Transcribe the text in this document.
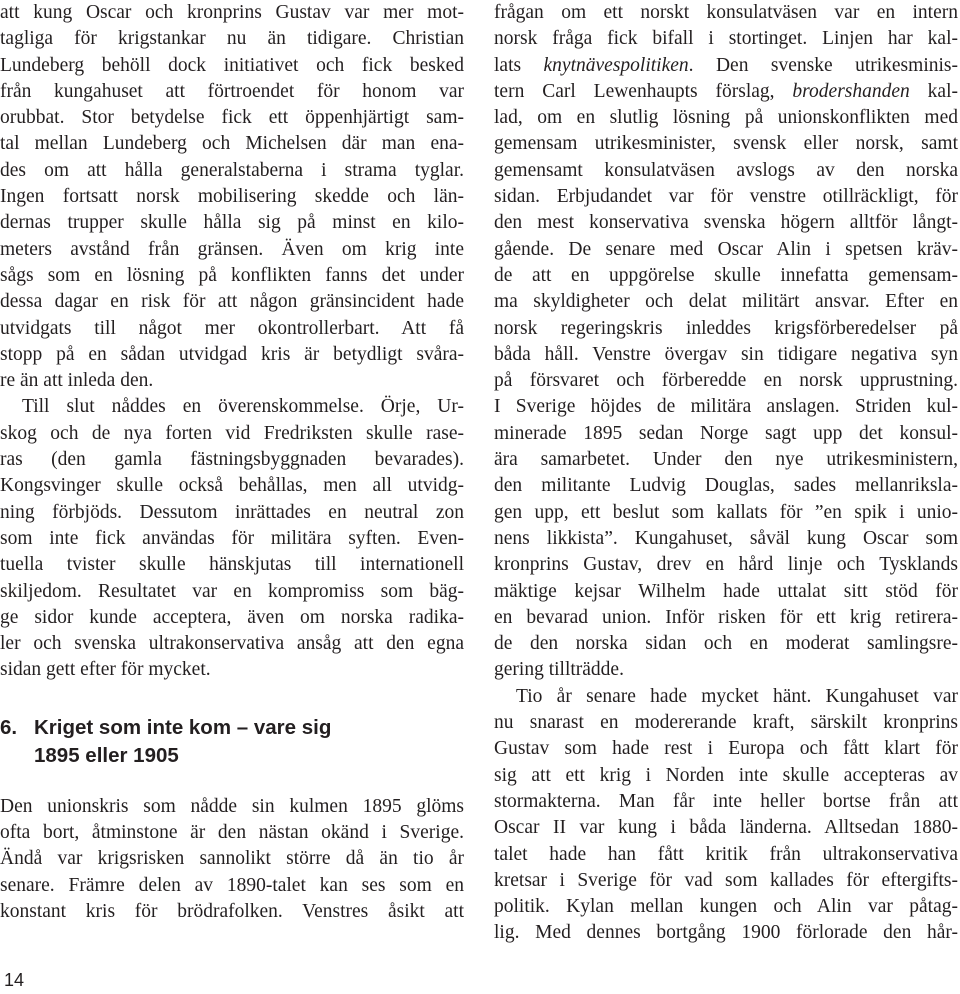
att kung Oscar och kronprins Gustav var mer mot-
tagliga för krigstankar nu än tidigare. Christian
Lundeberg behöll dock initiativet och fick besked
från kungahuset att förtroendet för honom var
orubbat. Stor betydelse fick ett öppenhjärtigt sam-
tal mellan Lundeberg och Michelsen där man ena-
des om att hålla generalstaberna i strama tyglar.
Ingen fortsatt norsk mobilisering skedde och län-
dernas trupper skulle hålla sig på minst en kilo-
meters avstånd från gränsen. Även om krig inte
sågs som en lösning på konflikten fanns det under
dessa dagar en risk för att någon gränsincident hade
utvidgats till något mer okontrollerbart. Att få
stopp på en sådan utvidgad kris är betydligt svåra-
re än att inleda den.
Till slut nåddes en överenskommelse. Örje, Ur-
skog och de nya forten vid Fredriksten skulle rase-
ras (den gamla fästningsbyggnaden bevarades).
Kongsvinger skulle också behållas, men all utvidg-
ning förbjöds. Dessutom inrättades en neutral zon
som inte fick användas för militära syften. Even-
tuella tvister skulle hänskjutas till internationell
skiljedom. Resultatet var en kompromiss som bäg-
ge sidor kunde acceptera, även om norska radika-
ler och svenska ultrakonservativa ansåg att den egna
sidan gett efter för mycket.
6. Kriget som inte kom – vare sig
1895 eller 1905
Den unionskris som nådde sin kulmen 1895 glöms
ofta bort, åtminstone är den nästan okänd i Sverige.
Ändå var krigsrisken sannolikt större då än tio år
senare. Främre delen av 1890-talet kan ses som en
konstant kris för brödrafolken. Venstres åsikt att
frågan om ett norskt konsulatväsen var en intern
norsk fråga fick bifall i stortinget. Linjen har kal-
lats knytnävespolitiken. Den svenske utrikesminis-
tern Carl Lewenhaupts förslag, brodershanden kal-
lad, om en slutlig lösning på unionskonflikten med
gemensam utrikesminister, svensk eller norsk, samt
gemensamt konsulatväsen avslogs av den norska
sidan. Erbjudandet var för venstre otillräckligt, för
den mest konservativa svenska högern alltför långt-
gående. De senare med Oscar Alin i spetsen kräv-
de att en uppgörelse skulle innefatta gemensam-
ma skyldigheter och delat militärt ansvar. Efter en
norsk regeringskris inleddes krigsförberedelser på
båda håll. Venstre övergav sin tidigare negativa syn
på försvaret och förberedde en norsk upprustning.
I Sverige höjdes de militära anslagen. Striden kul-
minerade 1895 sedan Norge sagt upp det konsul-
ära samarbetet. Under den nye utrikesministern,
den militante Ludvig Douglas, sades mellanriksla-
gen upp, ett beslut som kallats för ”en spik i unio-
nens likkista”. Kungahuset, såväl kung Oscar som
kronprins Gustav, drev en hård linje och Tysklands
mäktige kejsar Wilhelm hade uttalat sitt stöd för
en bevarad union. Inför risken för ett krig retirera-
de den norska sidan och en moderat samlingsre-
gering tillträdde.
Tio år senare hade mycket hänt. Kungahuset var
nu snarast en modererande kraft, särskilt kronprins
Gustav som hade rest i Europa och fått klart för
sig att ett krig i Norden inte skulle accepteras av
stormakterna. Man får inte heller bortse från att
Oscar II var kung i båda länderna. Alltsedan 1880-
talet hade han fått kritik från ultrakonservativa
kretsar i Sverige för vad som kallades för eftergifts-
politik. Kylan mellan kungen och Alin var påtag-
lig. Med dennes bortgång 1900 förlorade den hår-
14
